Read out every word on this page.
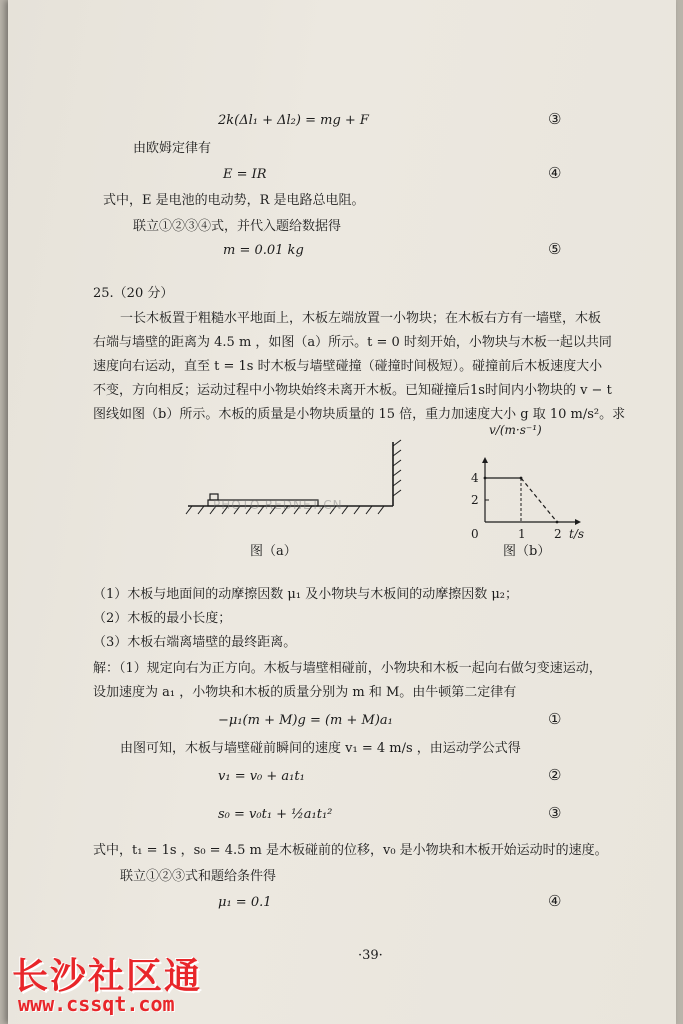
2k(Δl₁ + Δl₂) = mg + F	③
由欧姆定律有
E = IR	④
式中，E 是电池的电动势，R 是电路总电阻。
联立①②③④式，并代入题给数据得
m = 0.01 kg	⑤
25.（20 分）
一长木板置于粗糙水平地面上，木板左端放置一小物块；在木板右方有一墙壁，木板
右端与墙壁的距离为 4.5 m ，如图（a）所示。t = 0 时刻开始，小物块与木板一起以共同
速度向右运动，直至 t = 1s 时木板与墙壁碰撞（碰撞时间极短）。碰撞前后木板速度大小
不变，方向相反；运动过程中小物块始终未离开木板。已知碰撞后1s时间内小物块的 v − t
图线如图（b）所示。木板的质量是小物块质量的 15 倍，重力加速度大小 g 取 10 m/s²。求
图（a）
4
2
0	1 2
v/(m·s⁻¹)
t/s
图（b）
PHOTO.REDNET.CN
（1）木板与地面间的动摩擦因数 μ₁ 及小物块与木板间的动摩擦因数 μ₂；
（2）木板的最小长度；
（3）木板右端离墙壁的最终距离。
解：（1）规定向右为正方向。木板与墙壁相碰前，小物块和木板一起向右做匀变速运动，
设加速度为 a₁ ，小物块和木板的质量分别为 m 和 M。由牛顿第二定律有
−μ₁(m + M)g = (m + M)a₁	①
由图可知，木板与墙壁碰前瞬间的速度 v₁ = 4 m/s ，由运动学公式得
v₁ = v₀ + a₁t₁	②
s₀ = v₀t₁ + ½a₁t₁²	③
式中，t₁ = 1s ，s₀ = 4.5 m 是木板碰前的位移，v₀ 是小物块和木板开始运动时的速度。
联立①②③式和题给条件得
μ₁ = 0.1	④
·39·
长沙社区通
www.cssqt.com
